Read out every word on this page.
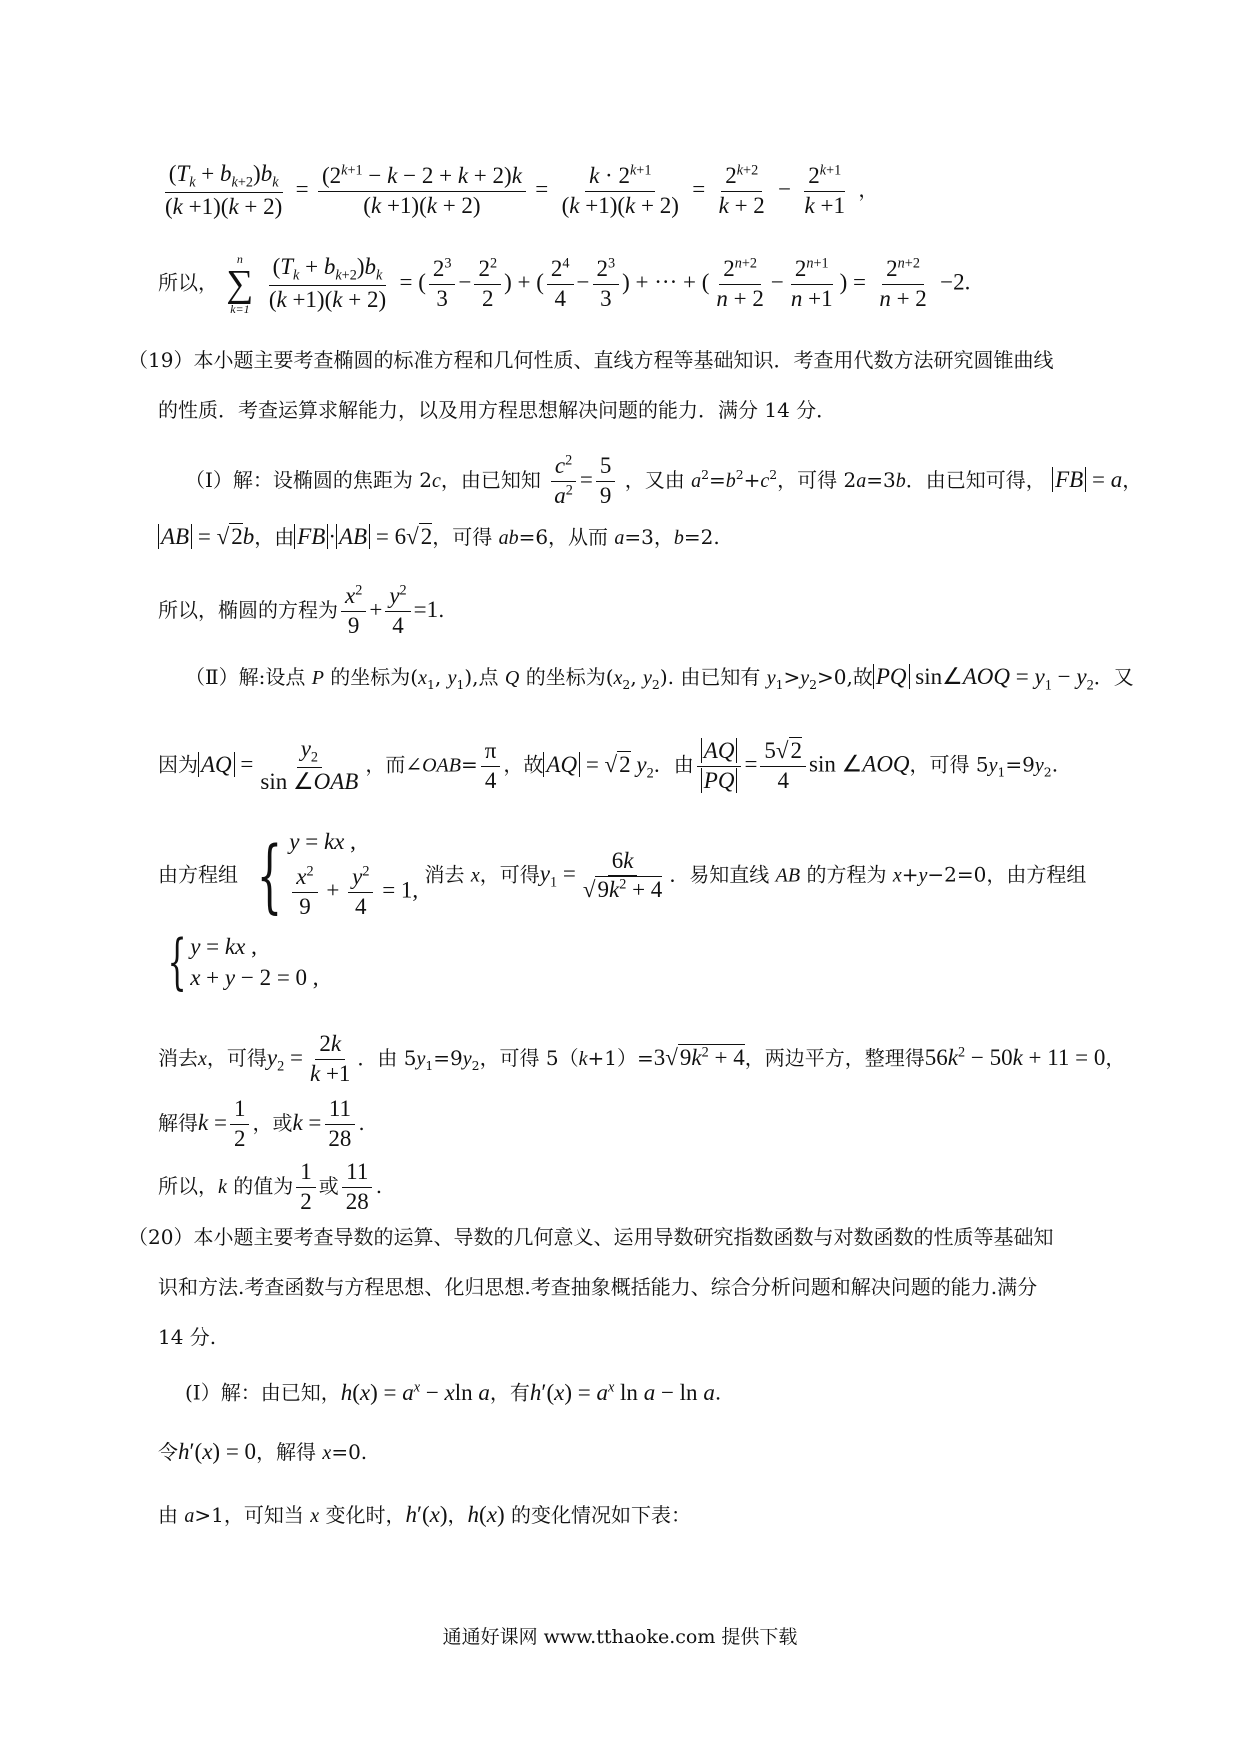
$\frac{(T_k + b_{k+2})b_k}{(k +1)(k + 2)} = \frac{(2^{k+1} - k - 2 + k + 2)k}{(k +1)(k + 2)} = \frac{k \cdot 2^{k+1}}{(k +1)(k + 2)} = \frac{2^{k+2}}{k + 2} - \frac{2^{k+1}}{k +1}$ ，
所以，
n
∑
k=1
$\frac{(T_k + b_{k+2})b_k}{(k +1)(k + 2)}$ = ( $\frac{2^3}{3} - \frac{2^2}{2}$ ) + ( $\frac{2^4}{4} - \frac{2^3}{3}$ ) + ··· + ( $\frac{2^{n+2}}{n + 2} - \frac{2^{n+1}}{n +1}$ ) = $\frac{2^{n+2}}{n + 2} -2$.
（19）本小题主要考查椭圆的标准方程和几何性质、直线方程等基础知识．考查用代数方法研究圆锥曲线
的性质．考查运算求解能力，以及用方程思想解决问题的能力．满分 14 分．
（Ⅰ）解：设椭圆的焦距为 2c，由已知知 $\frac{c^2}{a^2} = \frac{5}{9}$ ，又由 $a^2=b^2+c^2$，可得 2a=3b．由已知可得， FB = a，
AB = √2b，由 FB · AB = 6√2，可得 ab=6，从而 a=3，b=2.
所以，椭圆的方程为 $\frac{x^2}{9} + \frac{y^2}{4} =1$.
（Ⅱ）解:设点 P 的坐标为($x_1$, $y_1$),点 Q 的坐标为($x_2$, $y_2$). 由已知有 $y_1>y_2>0$,故 PQ sin∠AOQ = $y_1 - y_2$．又
因为 AQ = $\frac{y_2}{\text{sin ∠OAB}}$ ，而∠OAB= $\frac{\pi}{4}$ ，故 AQ = √2 $y_2$．由 $\frac{AQ}{PQ} = \frac{5√2}{4}$ sin ∠AOQ，可得 $5y_1=9y_2$.
由方程组 { y = kx ,
$\frac{x^2}{9} + \frac{y^2}{4} = 1$,
消去 x，可得$y_1 = \frac{6k}{√9k^2 + 4}$ ．易知直线 AB 的方程为 x+y−2=0，由方程组
{ y = kx ,
x + y − 2 = 0 ,
消去x，可得$y_2 = \frac{2k}{k +1}$ ．由 $5y_1=9y_2$，可得 $5(k+1)=3√9k^2 + 4$，两边平方，整理得$56k^2 - 50k + 11 = 0$，
解得$k = \frac{1}{2}$ ，或$k = \frac{11}{28}$ .
所以，k 的值为 $\frac{1}{2}$ 或 $\frac{11}{28}$ .
（20）本小题主要考查导数的运算、导数的几何意义、运用导数研究指数函数与对数函数的性质等基础知
识和方法.考查函数与方程思想、化归思想.考查抽象概括能力、综合分析问题和解决问题的能力.满分
14 分.
(I）解：由已知，$h(x) = a^x - xln$ a，有$h'(x) = a^x$ ln a − ln a.
令h′(x) = 0，解得 x=0.
由 a>1，可知当 x 变化时，h′(x)，h(x) 的变化情况如下表：
通通好课网 www.tthaoke.com 提供下载
